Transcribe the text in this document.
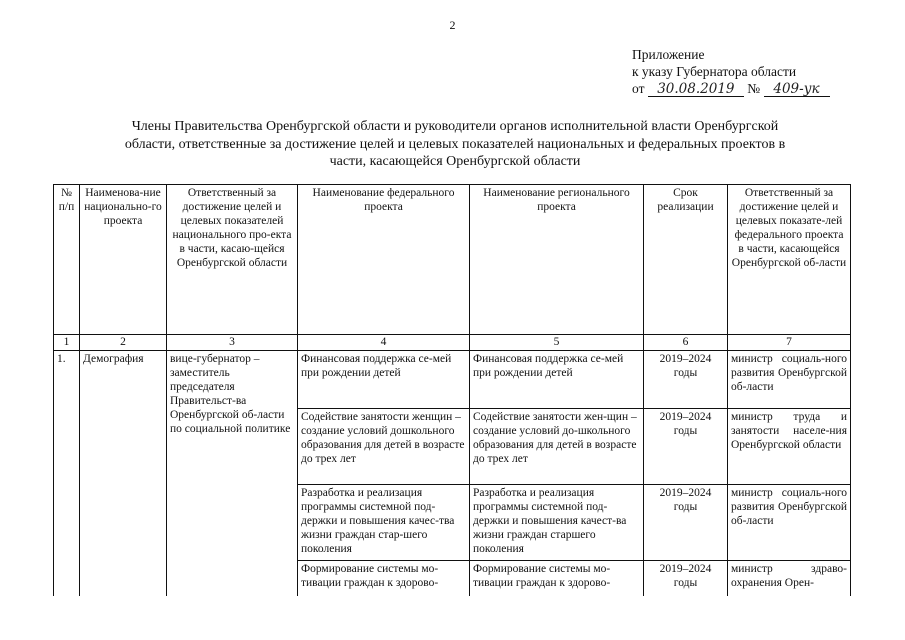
2
Приложение
к указу Губернатора области
от 30.08.2019 № 409-ук
Члены Правительства Оренбургской области и руководители органов исполнительной власти Оренбургской области, ответственные за достижение целей и целевых показателей национальных и федеральных проектов в части, касающейся Оренбургской области
№ п/п	Наименова-ние национально-го проекта	Ответственный за достижение целей и целевых показателей национального про-екта в части, касаю-щейся Оренбургской области	Наименование федерального проекта	Наименование регионального проекта	Срок реализации	Ответственный за достижение целей и целевых показате-лей федерального проекта в части, касающейся Оренбургской об-ласти
1	2	3	4	5	6	7
1.	Демография	вице-губернатор – заместитель председателя Правительст-ва Оренбургской об-ласти по социальной политике	Финансовая поддержка се-мей при рождении детей	Финансовая поддержка се-мей при рождении детей	2019–2024 годы	министр социаль-ного развития Оренбургской об-ласти
			Содействие занятости женщин – создание условий дошкольного образования для детей в возрасте до трех лет	Содействие занятости жен-щин – создание условий до-школьного образования для детей в возрасте до трех лет	2019–2024 годы	министр труда и занятости населе-ния Оренбургской области
			Разработка и реализация программы системной под-держки и повышения качес-тва жизни граждан стар-шего поколения	Разработка и реализация программы системной под-держки и повышения качест-ва жизни граждан старшего поколения	2019–2024 годы	министр социаль-ного развития Оренбургской об-ласти
			Формирование системы мо-тивации граждан к здорово-	Формирование системы мо-тивации граждан к здорово-	2019–2024 годы	министр здраво-охранения Орен-
